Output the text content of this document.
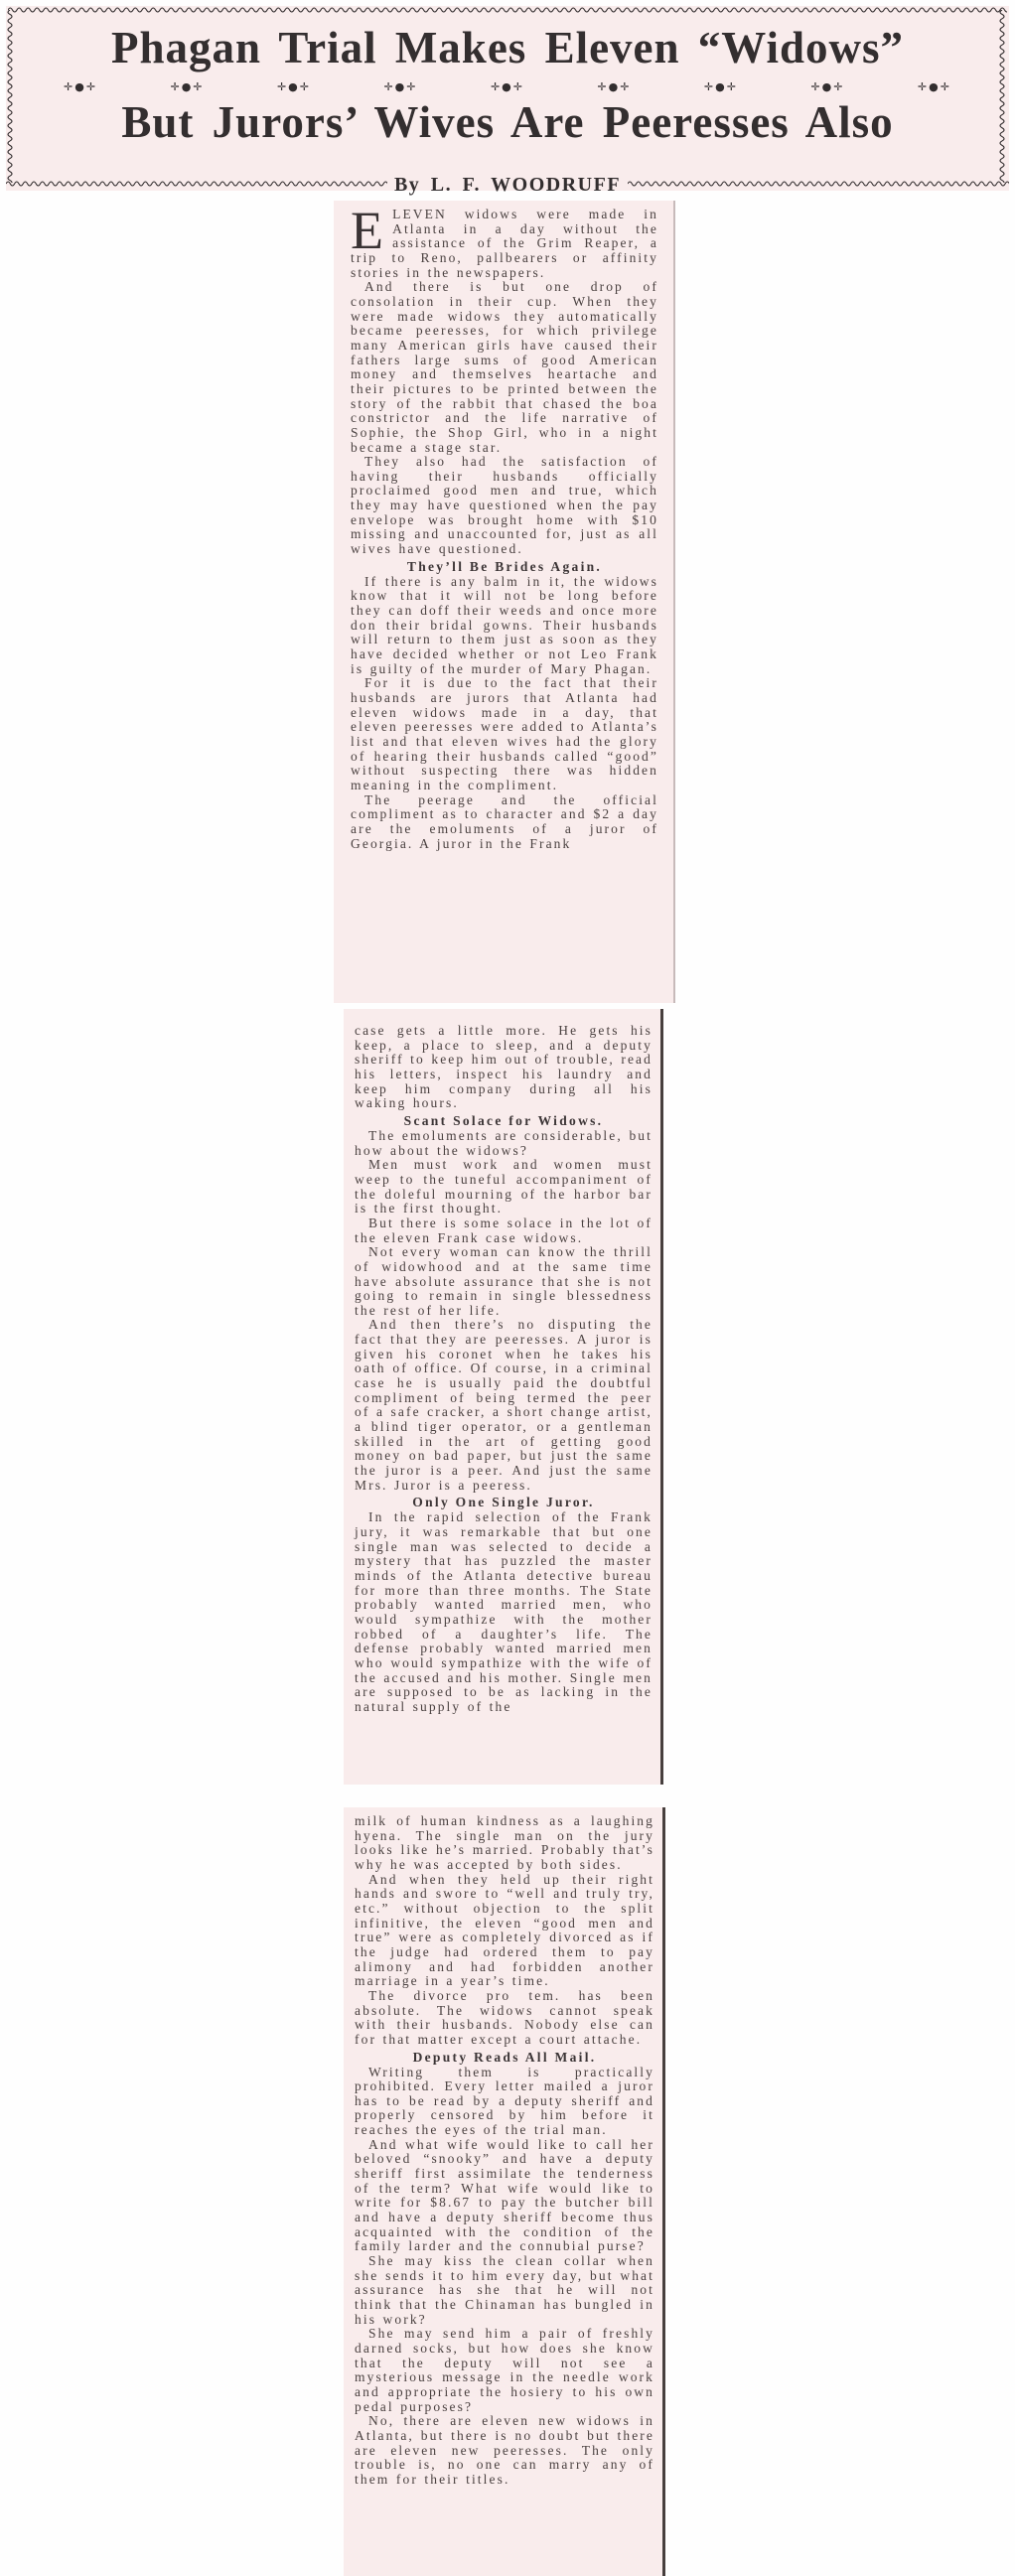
Phagan Trial Makes Eleven “Widows”
✛●✛	✛●✛	✛●✛	✛●✛	✛●✛	✛●✛	✛●✛	✛●✛	✛●✛
But Jurors’ Wives Are Peeresses Also
By L. F. WOODRUFF

ELEVEN widows were made in Atlanta in a day without the assistance of the Grim Reaper, a trip to Reno, pallbearers or affinity stories in the newspapers.

And there is but one drop of consolation in their cup. When they were made widows they automatically became peeresses, for which privilege many American girls have caused their fathers large sums of good American money and themselves heartache and their pictures to be printed between the story of the rabbit that chased the boa constrictor and the life narrative of Sophie, the Shop Girl, who in a night became a stage star.

They also had the satisfaction of having their husbands officially proclaimed good men and true, which they may have questioned when the pay envelope was brought home with $10 missing and unaccounted for, just as all wives have questioned.

They’ll Be Brides Again.

If there is any balm in it, the widows know that it will not be long before they can doff their weeds and once more don their bridal gowns. Their husbands will return to them just as soon as they have decided whether or not Leo Frank is guilty of the murder of Mary Phagan.

For it is due to the fact that their husbands are jurors that Atlanta had eleven widows made in a day, that eleven peeresses were added to Atlanta’s list and that eleven wives had the glory of hearing their husbands called “good” without suspecting there was hidden meaning in the compliment.

The peerage and the official compliment as to character and $2 a day are the emoluments of a juror of Georgia. A juror in the Frank

case gets a little more. He gets his keep, a place to sleep, and a deputy sheriff to keep him out of trouble, read his letters, inspect his laundry and keep him company during all his waking hours.

Scant Solace for Widows.

The emoluments are considerable, but how about the widows?

Men must work and women must weep to the tuneful accompaniment of the doleful mourning of the harbor bar is the first thought.

But there is some solace in the lot of the eleven Frank case widows.

Not every woman can know the thrill of widowhood and at the same time have absolute assurance that she is not going to remain in single blessedness the rest of her life.

And then there’s no disputing the fact that they are peeresses. A juror is given his coronet when he takes his oath of office. Of course, in a criminal case he is usually paid the doubtful compliment of being termed the peer of a safe cracker, a short change artist, a blind tiger operator, or a gentleman skilled in the art of getting good money on bad paper, but just the same the juror is a peer. And just the same Mrs. Juror is a peeress.

Only One Single Juror.

In the rapid selection of the Frank jury, it was remarkable that but one single man was selected to decide a mystery that has puzzled the master minds of the Atlanta detective bureau for more than three months. The State probably wanted married men, who would sympathize with the mother robbed of a daughter’s life. The defense probably wanted married men who would sympathize with the wife of the accused and his mother. Single men are supposed to be as lacking in the natural supply of the

milk of human kindness as a laughing hyena. The single man on the jury looks like he’s married. Probably that’s why he was accepted by both sides.

And when they held up their right hands and swore to “well and truly try, etc.” without objection to the split infinitive, the eleven “good men and true” were as completely divorced as if the judge had ordered them to pay alimony and had forbidden another marriage in a year’s time.

The divorce pro tem. has been absolute. The widows cannot speak with their husbands. Nobody else can for that matter except a court attache.

Deputy Reads All Mail.

Writing them is practically prohibited. Every letter mailed a juror has to be read by a deputy sheriff and properly censored by him before it reaches the eyes of the trial man.

And what wife would like to call her beloved “snooky” and have a deputy sheriff first assimilate the tenderness of the term? What wife would like to write for $8.67 to pay the butcher bill and have a deputy sheriff become thus acquainted with the condition of the family larder and the connubial purse?

She may kiss the clean collar when she sends it to him every day, but what assurance has she that he will not think that the Chinaman has bungled in his work?

She may send him a pair of freshly darned socks, but how does she know that the deputy will not see a mysterious message in the needle work and appropriate the hosiery to his own pedal purposes?

No, there are eleven new widows in Atlanta, but there is no doubt but there are eleven new peeresses. The only trouble is, no one can marry any of them for their titles.
